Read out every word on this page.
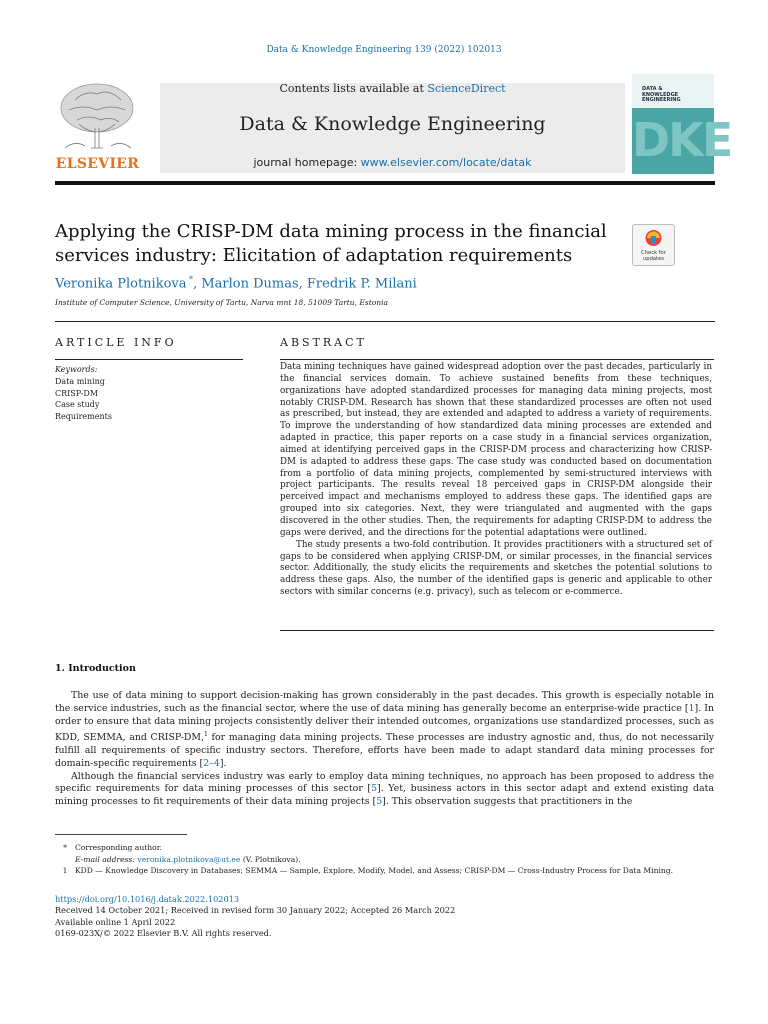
Data & Knowledge Engineering 139 (2022) 102013
Contents lists available at ScienceDirect
Data & Knowledge Engineering
journal homepage: www.elsevier.com/locate/datak
ELSEVIER
DATA &
KNOWLEDGE
ENGINEERING
DKE
Applying the CRISP-DM data mining process in the financial
services industry: Elicitation of adaptation requirements	Check for
updates
Veronika Plotnikova *, Marlon Dumas, Fredrik P. Milani
Institute of Computer Science, University of Tartu, Narva mnt 18, 51009 Tartu, Estonia
ARTICLE INFO
Keywords:
Data mining
CRISP-DM
Case study
Requirements
ABSTRACT

Data mining techniques have gained widespread adoption over the past decades, particularly in the financial services domain. To achieve sustained benefits from these techniques, organizations have adopted standardized processes for managing data mining projects, most notably CRISP-DM. Research has shown that these standardized processes are often not used as prescribed, but instead, they are extended and adapted to address a variety of requirements. To improve the understanding of how standardized data mining processes are extended and adapted in practice, this paper reports on a case study in a financial services organization, aimed at identifying perceived gaps in the CRISP-DM process and characterizing how CRISP-DM is adapted to address these gaps. The case study was conducted based on documentation from a portfolio of data mining projects, complemented by semi-structured interviews with project participants. The results reveal 18 perceived gaps in CRISP-DM alongside their perceived impact and mechanisms employed to address these gaps. The identified gaps are grouped into six categories. Next, they were triangulated and augmented with the gaps discovered in the other studies. Then, the requirements for adapting CRISP-DM to address the gaps were derived, and the directions for the potential adaptations were outlined.

The study presents a two-fold contribution. It provides practitioners with a structured set of gaps to be considered when applying CRISP-DM, or similar processes, in the financial services sector. Additionally, the study elicits the requirements and sketches the potential solutions to address these gaps. Also, the number of the identified gaps is generic and applicable to other sectors with similar concerns (e.g. privacy), such as telecom or e-commerce.

1. Introduction

The use of data mining to support decision-making has grown considerably in the past decades. This growth is especially notable in the service industries, such as the financial sector, where the use of data mining has generally become an enterprise-wide practice [1]. In order to ensure that data mining projects consistently deliver their intended outcomes, organizations use standardized processes, such as KDD, SEMMA, and CRISP-DM,$^1$ for managing data mining projects. These processes are industry agnostic and, thus, do not necessarily fulfill all requirements of specific industry sectors. Therefore, efforts have been made to adapt standard data mining processes for domain-specific requirements [2–4].

Although the financial services industry was early to employ data mining techniques, no approach has been proposed to address the specific requirements for data mining processes of this sector [5]. Yet, business actors in this sector adapt and extend existing data mining processes to fit requirements of their data mining projects [5]. This observation suggests that practitioners in the

*	Corresponding author.
E-mail address: veronika.plotnikova@ut.ee (V. Plotnikova).
1 KDD — Knowledge Discovery in Databases; SEMMA — Sample, Explore, Modify, Model, and Assess; CRISP-DM — Cross-Industry Process for Data Mining.
https://doi.org/10.1016/j.datak.2022.102013
Received 14 October 2021; Received in revised form 30 January 2022; Accepted 26 March 2022
Available online 1 April 2022
0169-023X/© 2022 Elsevier B.V. All rights reserved.
